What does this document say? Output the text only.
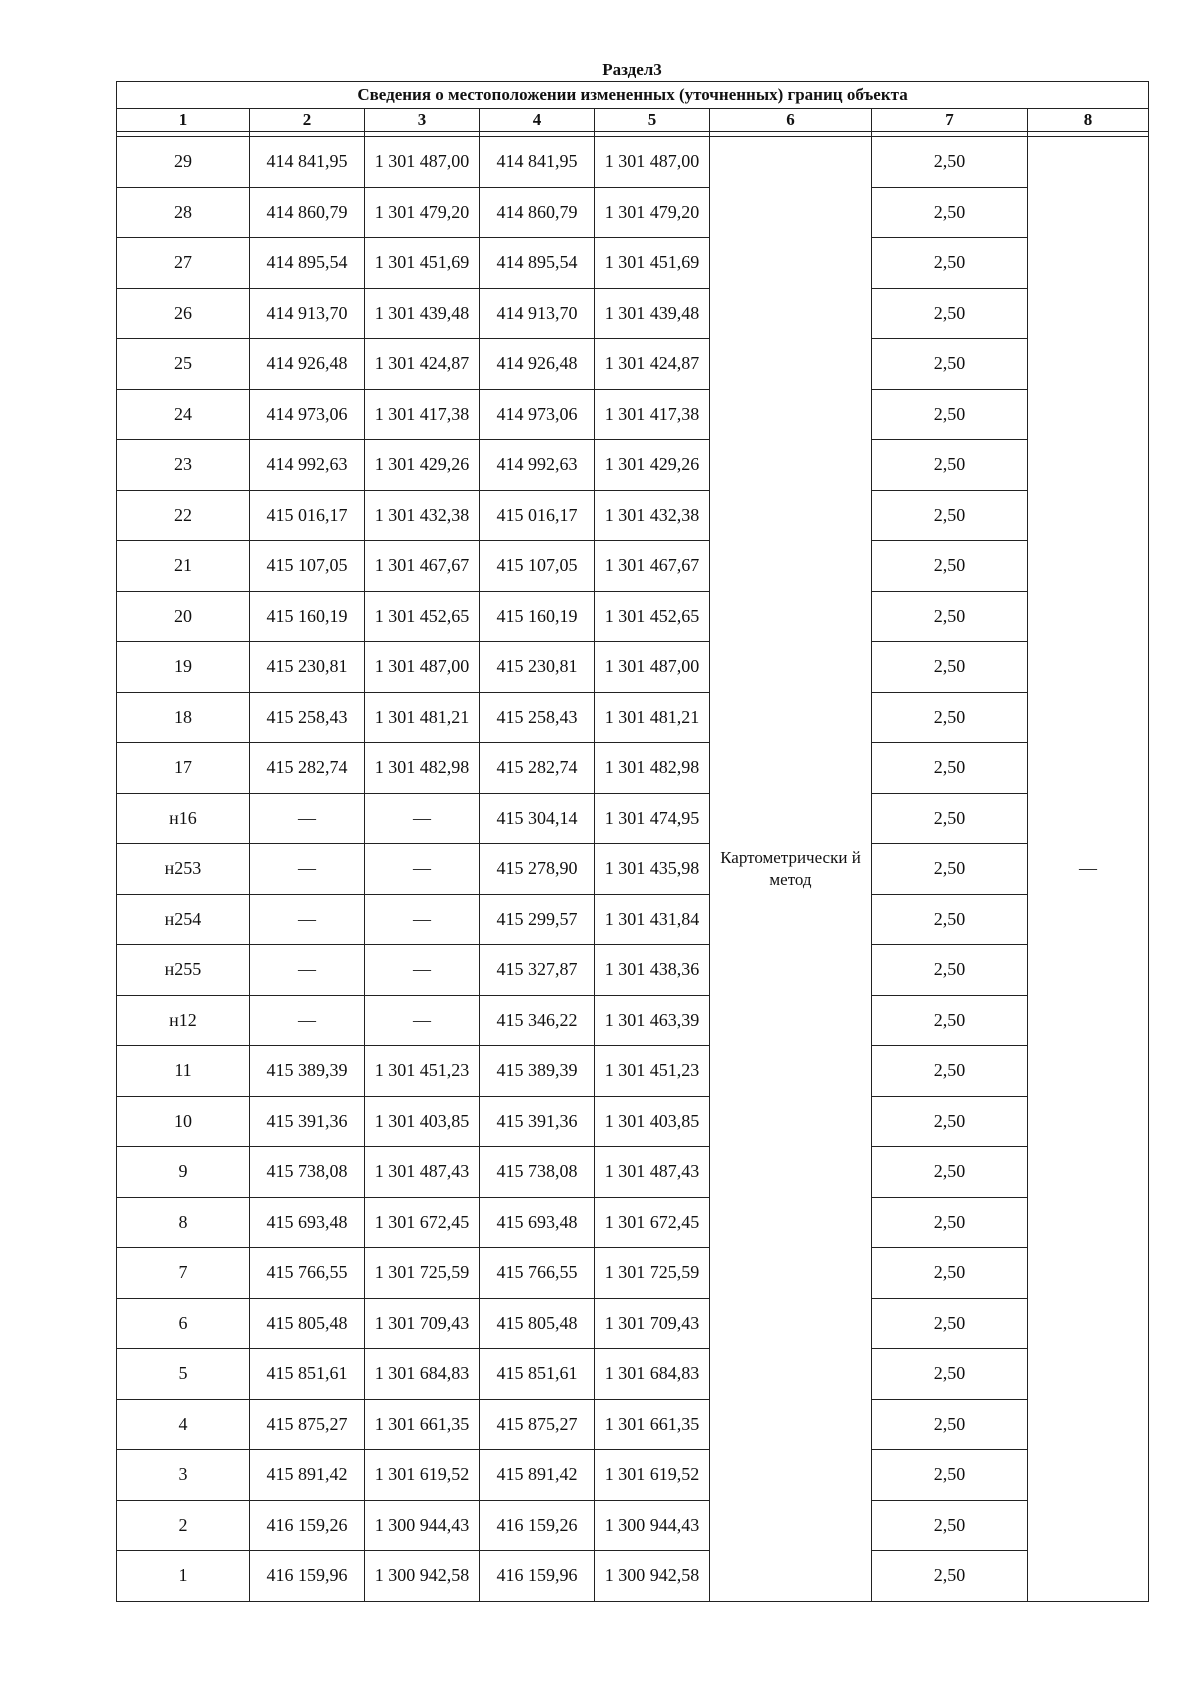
Раздел3
Сведения о местоположении измененных (уточненных) границ объекта							
1	2	3	4	5	6	7	8

29	414 841,95	1 301 487,00	414 841,95	1 301 487,00	Картометрически й метод	2,50	—
28	414 860,79	1 301 479,20	414 860,79	1 301 479,20		2,50	
27	414 895,54	1 301 451,69	414 895,54	1 301 451,69		2,50	
26	414 913,70	1 301 439,48	414 913,70	1 301 439,48		2,50	
25	414 926,48	1 301 424,87	414 926,48	1 301 424,87		2,50	
24	414 973,06	1 301 417,38	414 973,06	1 301 417,38		2,50	
23	414 992,63	1 301 429,26	414 992,63	1 301 429,26		2,50	
22	415 016,17	1 301 432,38	415 016,17	1 301 432,38		2,50	
21	415 107,05	1 301 467,67	415 107,05	1 301 467,67		2,50	
20	415 160,19	1 301 452,65	415 160,19	1 301 452,65		2,50	
19	415 230,81	1 301 487,00	415 230,81	1 301 487,00		2,50	
18	415 258,43	1 301 481,21	415 258,43	1 301 481,21		2,50	
17	415 282,74	1 301 482,98	415 282,74	1 301 482,98		2,50	
н16	—	—	415 304,14	1 301 474,95		2,50	
н253	—	—	415 278,90	1 301 435,98		2,50	
н254	—	—	415 299,57	1 301 431,84		2,50	
н255	—	—	415 327,87	1 301 438,36		2,50	
н12	—	—	415 346,22	1 301 463,39		2,50	
11	415 389,39	1 301 451,23	415 389,39	1 301 451,23		2,50	
10	415 391,36	1 301 403,85	415 391,36	1 301 403,85		2,50	
9	415 738,08	1 301 487,43	415 738,08	1 301 487,43		2,50	
8	415 693,48	1 301 672,45	415 693,48	1 301 672,45		2,50	
7	415 766,55	1 301 725,59	415 766,55	1 301 725,59		2,50	
6	415 805,48	1 301 709,43	415 805,48	1 301 709,43		2,50	
5	415 851,61	1 301 684,83	415 851,61	1 301 684,83		2,50	
4	415 875,27	1 301 661,35	415 875,27	1 301 661,35		2,50	
3	415 891,42	1 301 619,52	415 891,42	1 301 619,52		2,50	
2	416 159,26	1 300 944,43	416 159,26	1 300 944,43		2,50	
1	416 159,96	1 300 942,58	416 159,96	1 300 942,58		2,50	
